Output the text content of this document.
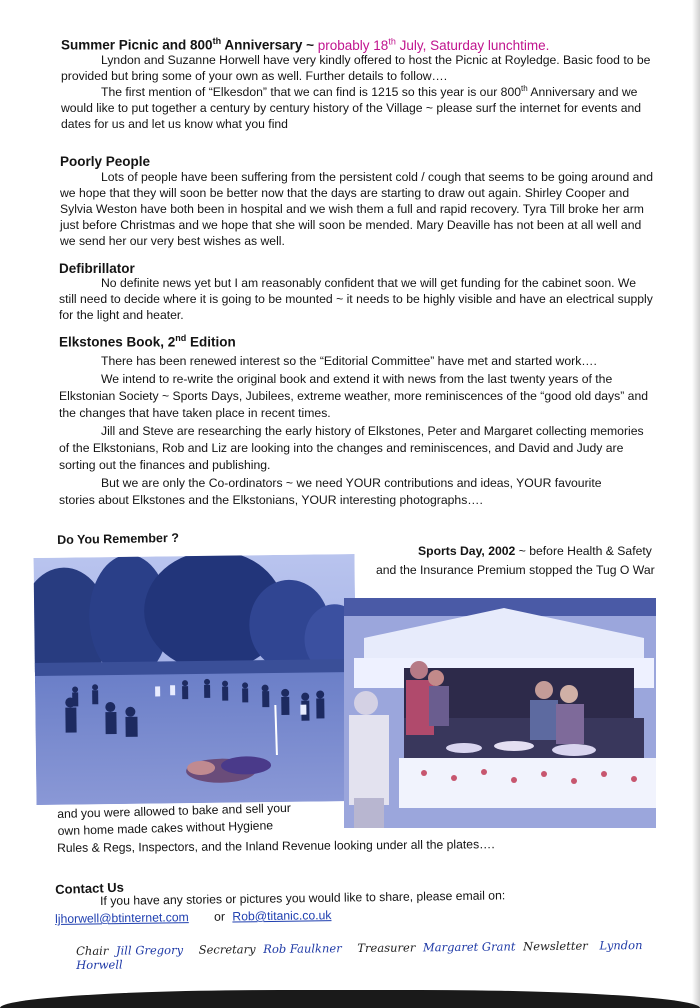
Summer Picnic and 800th Anniversary ~ probably 18th July, Saturday lunchtime.

Lyndon and Suzanne Horwell have very kindly offered to host the Picnic at Royledge. Basic food to be provided but bring some of your own as well. Further details to follow….

The first mention of “Elkesdon” that we can find is 1215 so this year is our 800th Anniversary and we would like to put together a century by century history of the Village ~ please surf the internet for events and dates for us and let us know what you find

Poorly People

Lots of people have been suffering from the persistent cold / cough that seems to be going around and we hope that they will soon be better now that the days are starting to draw out again. Shirley Cooper and Sylvia Weston have both been in hospital and we wish them a full and rapid recovery. Tyra Till broke her arm just before Christmas and we hope that she will soon be mended. Mary Deaville has not been at all well and we send her our very best wishes as well.

Defibrillator

No definite news yet but I am reasonably confident that we will get funding for the cabinet soon. We still need to decide where it is going to be mounted ~ it needs to be highly visible and have an electrical supply for the light and heater.

Elkstones Book, 2nd Edition

There has been renewed interest so the “Editorial Committee” have met and started work….

We intend to re-write the original book and extend it with news from the last twenty years of the Elkstonian Society ~ Sports Days, Jubilees, extreme weather, more reminiscences of the “good old days” and the changes that have taken place in recent times.

Jill and Steve are researching the early history of Elkstones, Peter and Margaret collecting memories of the Elkstonians, Rob and Liz are looking into the changes and reminiscences, and David and Judy are sorting out the finances and publishing.

But we are only the Co-ordinators ~ we need YOUR contributions and ideas, YOUR favourite stories about Elkstones and the Elkstonians, YOUR interesting photographs….

Do You Remember ?
Sports Day, 2002 ~ before Health & Safety and the Insurance Premium stopped the Tug O War
and you were allowed to bake and sell your
own home made cakes without Hygiene
Rules & Regs, Inspectors, and the Inland Revenue looking under all the plates….
Contact Us
If you have any stories or pictures you would like to share, please email on:
ljhorwell@btinternet.com or Rob@titanic.co.uk
Chair Jill Gregory Secretary Rob Faulkner Treasurer Margaret Grant Newsletter Lyndon Horwell
